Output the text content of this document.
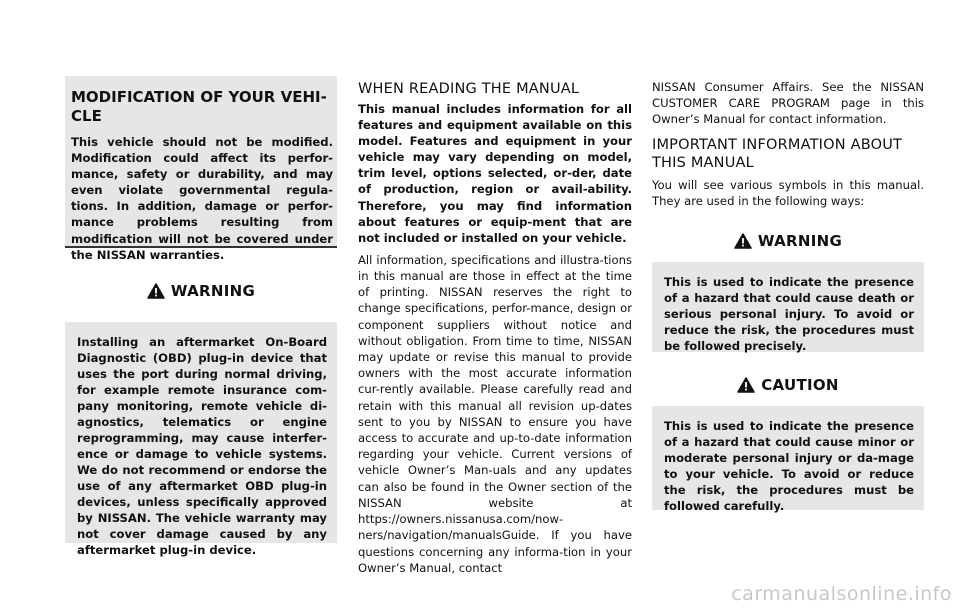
MODIFICATION OF YOUR VEHI-CLE

This vehicle should not be modified. Modification could affect its perfor-mance, safety or durability, and may even violate governmental regula-tions. In addition, damage or perfor-mance problems resulting from modification will not be covered under the NISSAN warranties.

WARNING

Installing an aftermarket On-Board Diagnostic (OBD) plug-in device that uses the port during normal driving, for example remote insurance com-pany monitoring, remote vehicle di-agnostics, telematics or engine reprogramming, may cause interfer-ence or damage to vehicle systems. We do not recommend or endorse the use of any aftermarket OBD plug-in devices, unless specifically approved by NISSAN. The vehicle warranty may not cover damage caused by any aftermarket plug-in device.

WHEN READING THE MANUAL

This manual includes information for all features and equipment available on this model. Features and equipment in your vehicle may vary depending on model, trim level, options selected, or-der, date of production, region or avail-ability. Therefore, you may find information about features or equip-ment that are not included or installed on your vehicle.

All information, specifications and illustra-tions in this manual are those in effect at the time of printing. NISSAN reserves the right to change specifications, perfor-mance, design or component suppliers without notice and without obligation. From time to time, NISSAN may update or revise this manual to provide owners with the most accurate information cur-rently available. Please carefully read and retain with this manual all revision up-dates sent to you by NISSAN to ensure you have access to accurate and up-to-date information regarding your vehicle. Current versions of vehicle Owner’s Man-uals and any updates can also be found in the Owner section of the NISSAN website at https://owners.nissanusa.com/now-ners/navigation/manualsGuide. If you have questions concerning any informa-tion in your Owner’s Manual, contact

NISSAN Consumer Affairs. See the NISSAN CUSTOMER CARE PROGRAM page in this Owner’s Manual for contact information.

IMPORTANT INFORMATION ABOUT THIS MANUAL

You will see various symbols in this manual. They are used in the following ways:

WARNING

This is used to indicate the presence of a hazard that could cause death or serious personal injury. To avoid or reduce the risk, the procedures must be followed precisely.

CAUTION

This is used to indicate the presence of a hazard that could cause minor or moderate personal injury or da-mage to your vehicle. To avoid or reduce the risk, the procedures must be followed carefully.

carmanualsonline.info
